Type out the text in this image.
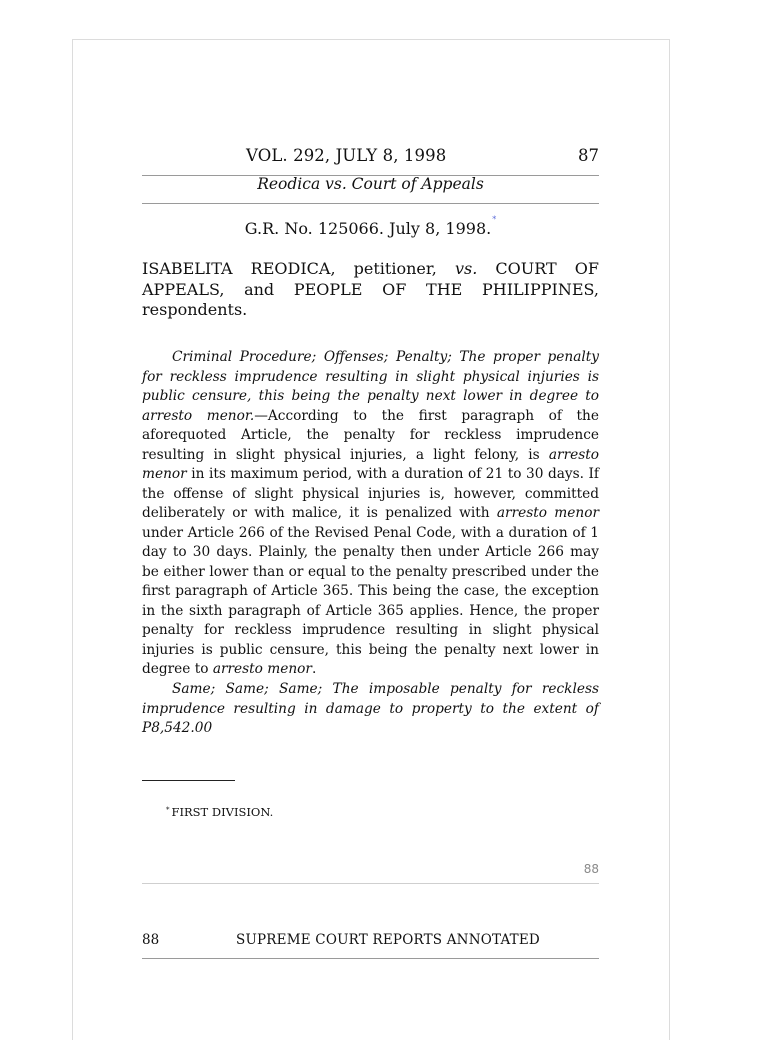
VOL. 292, JULY 8, 1998	87
Reodica vs. Court of Appeals
G.R. No. 125066. July 8, 1998.*
ISABELITA REODICA, petitioner, vs. COURT OF APPEALS, and PEOPLE OF THE PHILIPPINES, respondents.
Criminal Procedure; Offenses; Penalty; The proper penalty for reckless imprudence resulting in slight physical injuries is public censure, this being the penalty next lower in degree to arresto menor.—According to the first paragraph of the aforequoted Article, the penalty for reckless imprudence resulting in slight physical injuries, a light felony, is arresto menor in its maximum period, with a duration of 21 to 30 days. If the offense of slight physical injuries is, however, committed deliberately or with malice, it is penalized with arresto menor under Article 266 of the Revised Penal Code, with a duration of 1 day to 30 days. Plainly, the penalty then under Article 266 may be either lower than or equal to the penalty prescribed under the first paragraph of Article 365. This being the case, the exception in the sixth paragraph of Article 365 applies. Hence, the proper penalty for reckless imprudence resulting in slight physical injuries is public censure, this being the penalty next lower in degree to arresto menor.
Same; Same; Same; The imposable penalty for reckless imprudence resulting in damage to property to the extent of P8,542.00
* FIRST DIVISION.
88
88	SUPREME COURT REPORTS ANNOTATED
